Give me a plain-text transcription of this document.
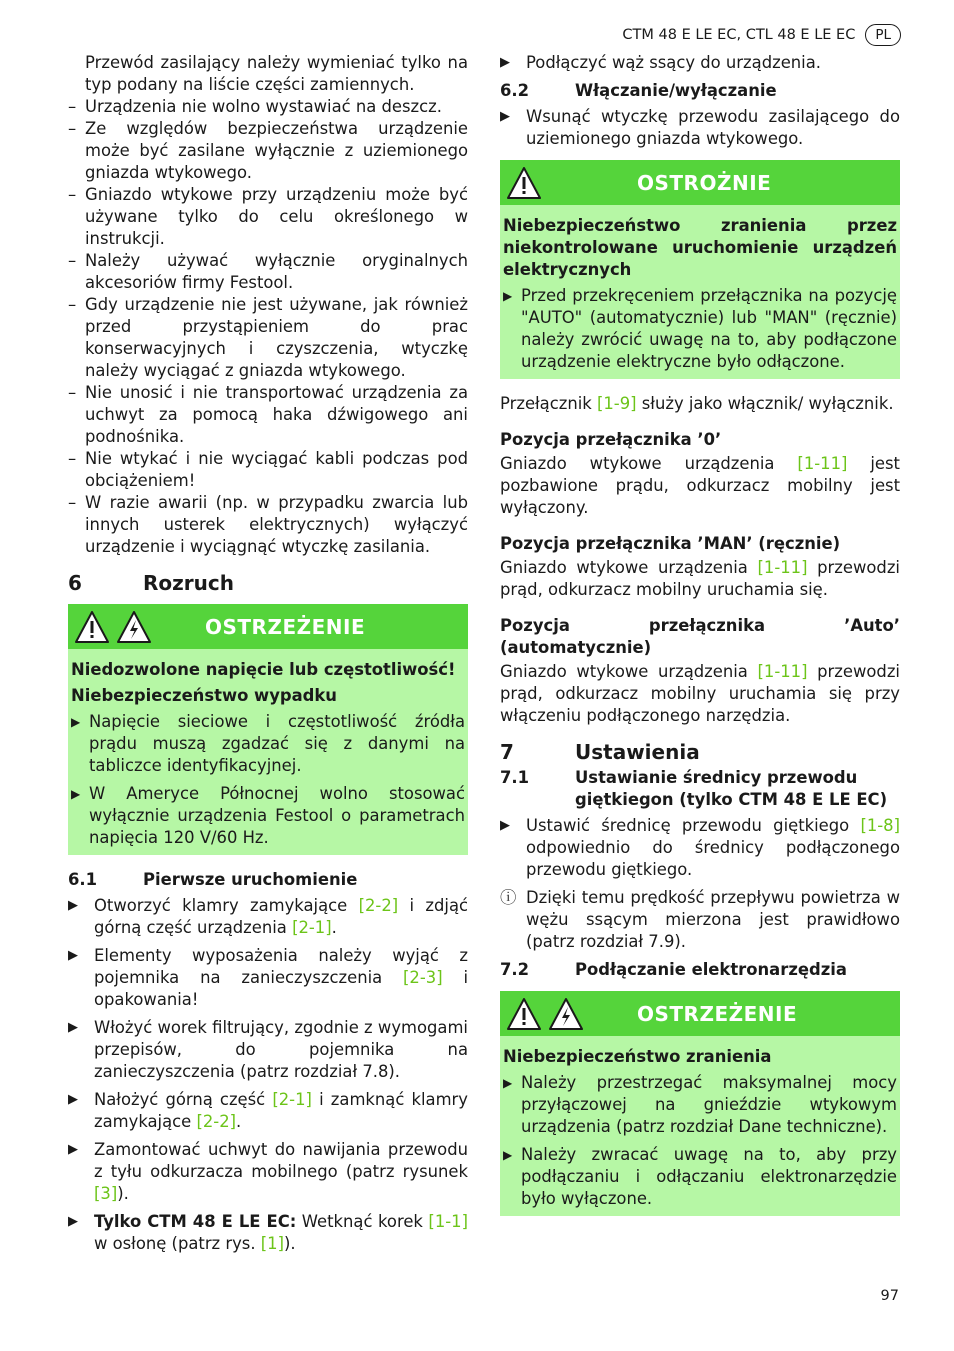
CTM 48 E LE EC, CTL 48 E LE EC	PL

Przewód zasilający należy wymieniać tylko na typ podany na liście części zamiennych.

– Urządzenia nie wolno wystawiać na deszcz.

– Ze względów bezpieczeństwa urządzenie może być zasilane wyłącznie z uziemionego gniazda wtykowego.

– Gniazdo wtykowe przy urządzeniu może być używane tylko do celu określonego w instrukcji.

– Należy używać wyłącznie oryginalnych akcesoriów firmy Festool.

– Gdy urządzenie nie jest używane, jak również przed przystąpieniem do prac konserwacyjnych i czyszczenia, wtyczkę należy wyciągać z gniazda wtykowego.

– Nie unosić i nie transportować urządzenia za uchwyt za pomocą haka dźwigowego ani podnośnika.

– Nie wtykać i nie wyciągać kabli podczas pod obciążeniem!

– W razie awarii (np. w przypadku zwarcia lub innych usterek elektrycznych) wyłączyć urządzenie i wyciągnąć wtyczkę zasilania.

6	Rozruch
OSTRZEŻENIE

Niedozwolone napięcie lub częstotliwość!

Niebezpieczeństwo wypadku

▶ Napięcie sieciowe i częstotliwość źródła prądu muszą zgadzać się z danymi na tabliczce identyfikacyjnej.

▶ W Ameryce Północnej wolno stosować wyłącznie urządzenia Festool o parametrach napięcia 120 V/60 Hz.

6.1	Pierwsze uruchomienie

▶ Otworzyć klamry zamykające [2-2] i zdjąć górną część urządzenia [2-1].

▶ Elementy wyposażenia należy wyjąć z pojemnika na zanieczyszczenia [2-3] i opakowania!

▶ Włożyć worek filtrujący, zgodnie z wymogami przepisów, do pojemnika na zanieczyszczenia (patrz rozdział 7.8).

▶ Nałożyć górną część [2-1] i zamknąć klamry zamykające [2-2].

▶ Zamontować uchwyt do nawijania przewodu z tyłu odkurzacza mobilnego (patrz rysunek [3]).

▶ Tylko CTM 48 E LE EC: Wetknąć korek [1-1] w osłonę (patrz rys. [1]).

▶ Podłączyć wąż ssący do urządzenia.

6.2	Włączanie/wyłączanie

▶ Wsunąć wtyczkę przewodu zasilającego do uziemionego gniazda wtykowego.

OSTROŻNIE

Niebezpieczeństwo zranienia przez niekontrolowane uruchomienie urządzeń elektrycznych

▶ Przed przekręceniem przełącznika na pozycję "AUTO" (automatycznie) lub "MAN" (ręcznie) należy zwrócić uwagę na to, aby podłączone urządzenie elektryczne było odłączone.

Przełącznik [1-9] służy jako włącznik/ wyłącznik.

Pozycja przełącznika ’0’

Gniazdo wtykowe urządzenia [1-11] jest pozbawione prądu, odkurzacz mobilny jest wyłączony.

Pozycja przełącznika ’MAN’ (ręcznie)

Gniazdo wtykowe urządzenia [1-11] przewodzi prąd, odkurzacz mobilny uruchamia się.

Pozycja przełącznika ’Auto’ (automatycznie)

Gniazdo wtykowe urządzenia [1-11] przewodzi prąd, odkurzacz mobilny uruchamia się przy włączeniu podłączonego narzędzia.

7	Ustawienia
7.1	Ustawianie średnicy przewodu giętkiegon (tylko CTM 48 E LE EC)

▶ Ustawić średnicę przewodu giętkiego [1-8] odpowiednio do średnicy podłączonego przewodu giętkiego.

ⓘ Dzięki temu prędkość przepływu powietrza w wężu ssącym mierzona jest prawidłowo (patrz rozdział 7.9).

7.2	Podłączanie elektronarzędzia
OSTRZEŻENIE

Niebezpieczeństwo zranienia

▶ Należy przestrzegać maksymalnej mocy przyłączowej na gnieździe wtykowym urządzenia (patrz rozdział Dane techniczne).

▶ Należy zwracać uwagę na to, aby przy podłączaniu i odłączaniu elektronarzędzie było wyłączone.

97
